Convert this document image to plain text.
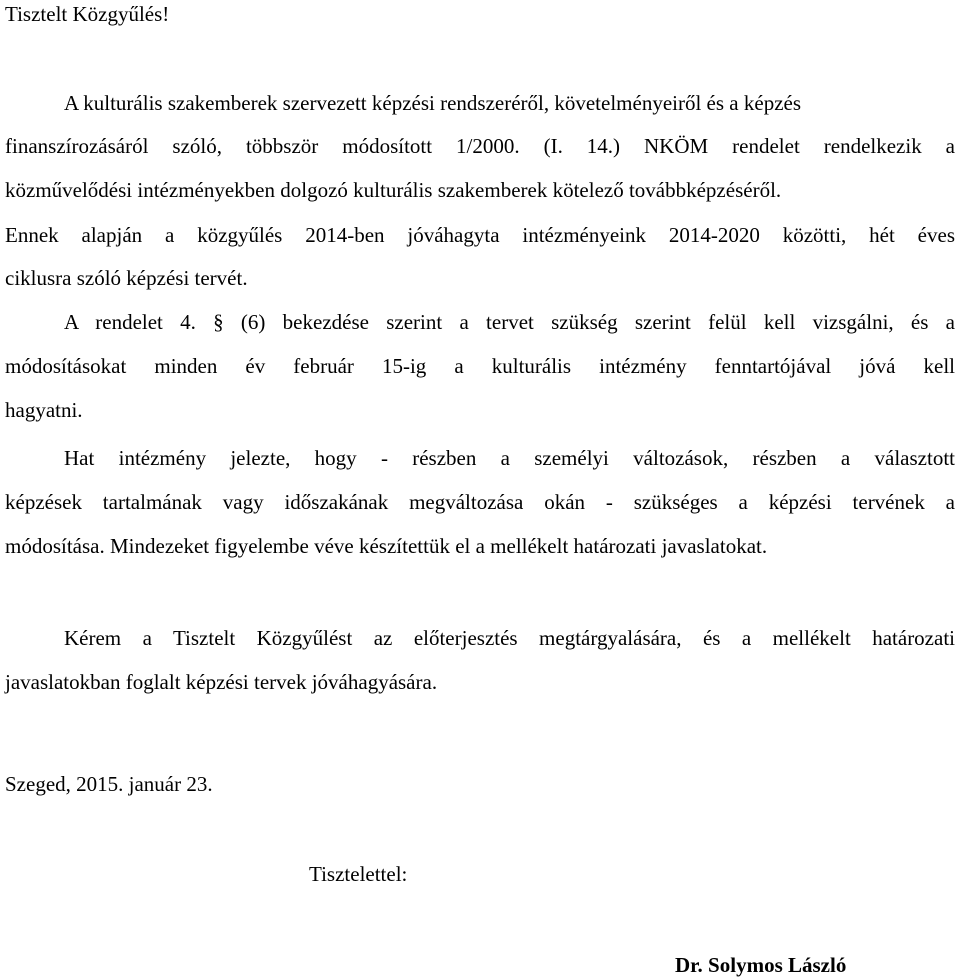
Tisztelt Közgyűlés!
A kulturális szakemberek szervezett képzési rendszeréről, követelményeiről és a képzés
finanszírozásáról szóló, többször módosított 1/2000. (I. 14.) NKÖM rendelet rendelkezik a
közművelődési intézményekben dolgozó kulturális szakemberek kötelező továbbképzéséről.
Ennek alapján a közgyűlés 2014-ben jóváhagyta intézményeink 2014-2020 közötti, hét éves
ciklusra szóló képzési tervét.
A rendelet 4. § (6) bekezdése szerint a tervet szükség szerint felül kell vizsgálni, és a
módosításokat minden év február 15-ig a kulturális intézmény fenntartójával jóvá kell
hagyatni.
Hat intézmény jelezte, hogy - részben a személyi változások, részben a választott
képzések tartalmának vagy időszakának megváltozása okán - szükséges a képzési tervének a
módosítása. Mindezeket figyelembe véve készítettük el a mellékelt határozati javaslatokat.
Kérem a Tisztelt Közgyűlést az előterjesztés megtárgyalására, és a mellékelt határozati
javaslatokban foglalt képzési tervek jóváhagyására.
Szeged, 2015. január 23.
Tisztelettel:
Dr. Solymos László
